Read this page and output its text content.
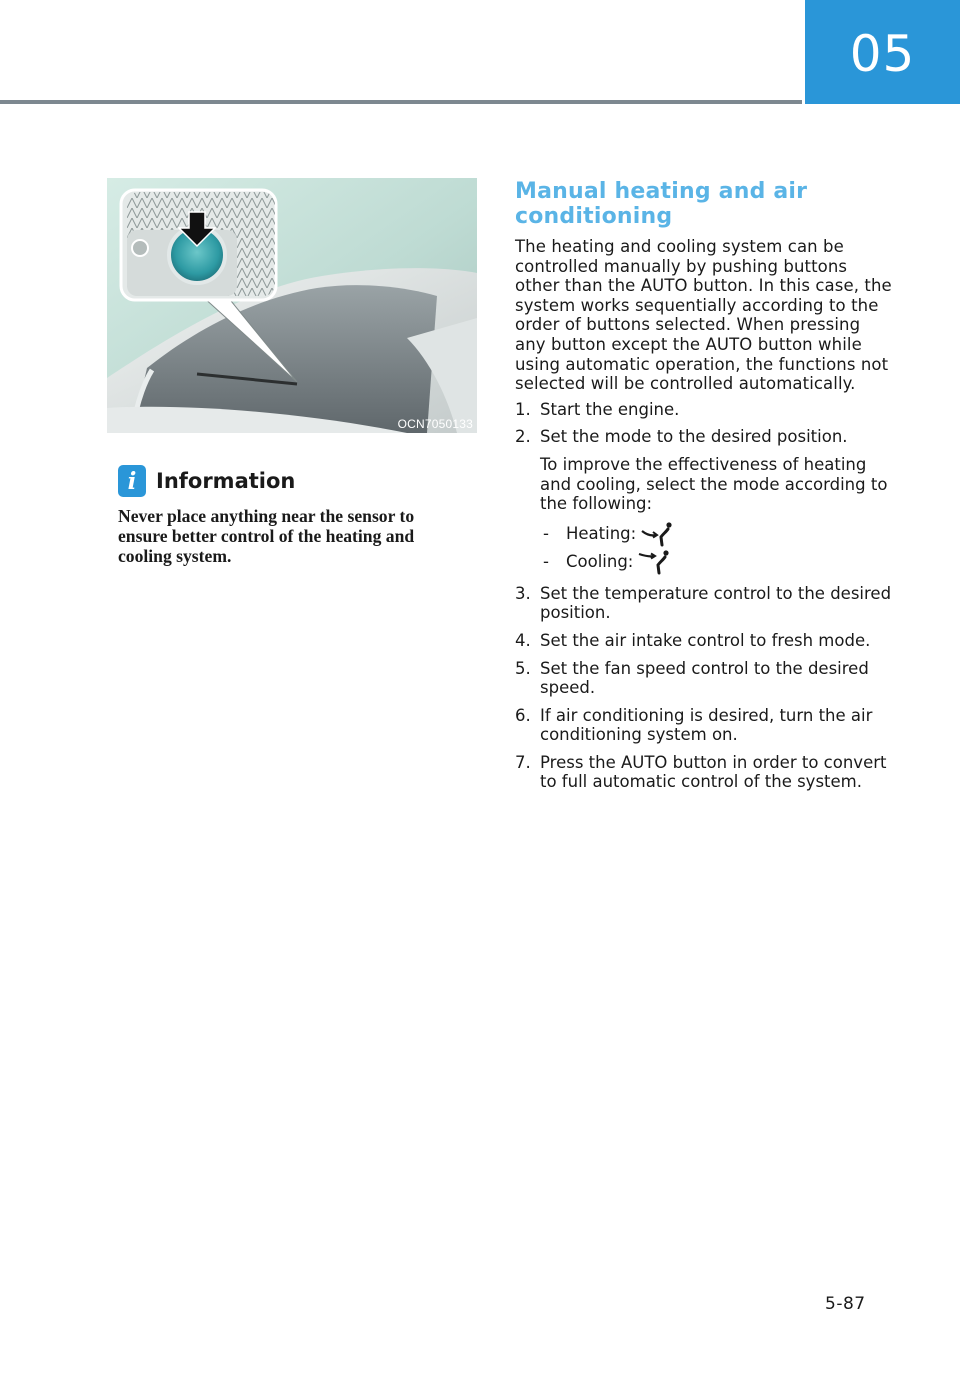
05
OCN7050133
i Information
Never place anything near the sensor to ensure better control of the heating and cooling system.
Manual heating and air conditioning

The heating and cooling system can be controlled manually by pushing buttons other than the AUTO button. In this case, the system works sequentially according to the order of buttons selected. When pressing any button except the AUTO button while using automatic operation, the functions not selected will be controlled automatically.

1. Start the engine.
2. Set the mode to the desired position.

To improve the effectiveness of heating and cooling, select the mode according to the following:

- Heating:
- Cooling:
3. Set the temperature control to the desired position.
4. Set the air intake control to fresh mode.
5. Set the fan speed control to the desired speed.
6. If air conditioning is desired, turn the air conditioning system on.
7. Press the AUTO button in order to convert to full automatic control of the system.
5-87
